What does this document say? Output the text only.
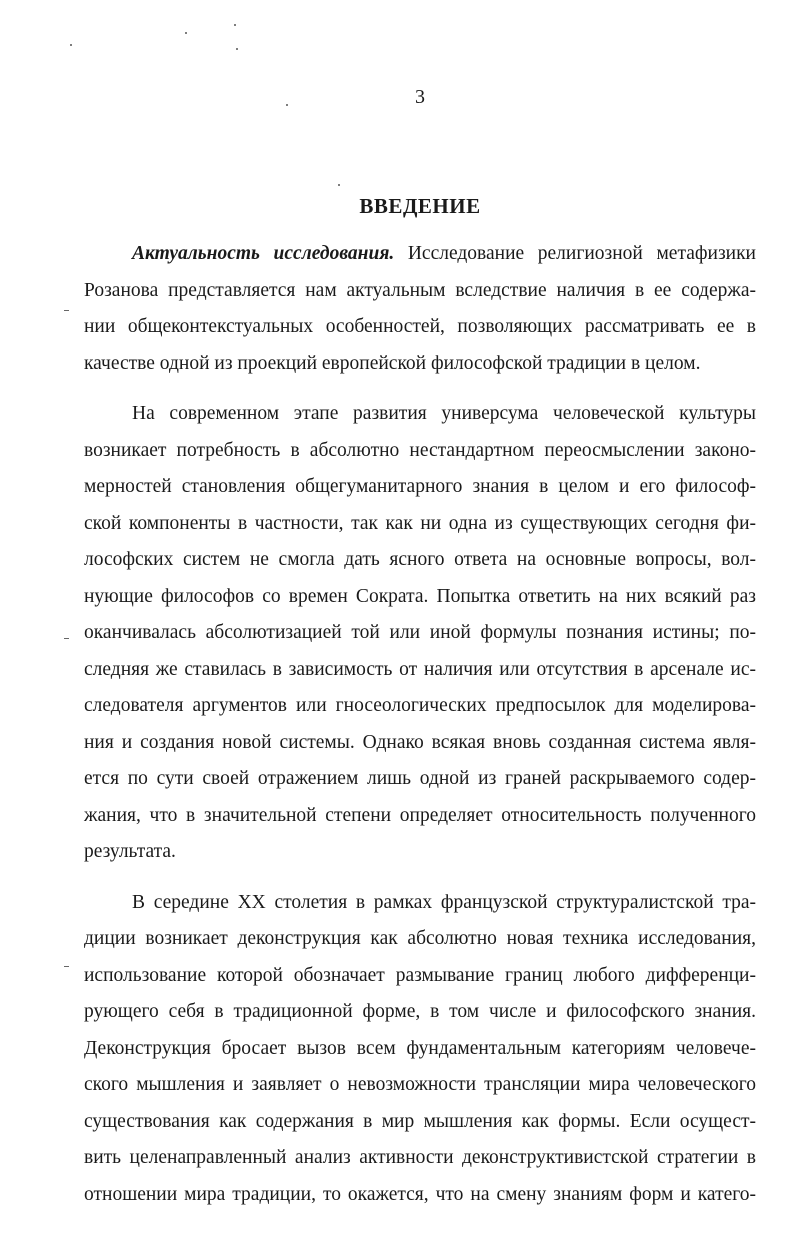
3
ВВЕДЕНИЕ
Актуальность исследования. Исследование религиозной метафизики
Розанова представляется нам актуальным вследствие наличия в ее содержа-
нии общеконтекстуальных особенностей, позволяющих рассматривать ее в
качестве одной из проекций европейской философской традиции в целом.
На современном этапе развития универсума человеческой культуры
возникает потребность в абсолютно нестандартном переосмыслении законо-
мерностей становления общегуманитарного знания в целом и его философ-
ской компоненты в частности, так как ни одна из существующих сегодня фи-
лософских систем не смогла дать ясного ответа на основные вопросы, вол-
нующие философов со времен Сократа. Попытка ответить на них всякий раз
оканчивалась абсолютизацией той или иной формулы познания истины; по-
следняя же ставилась в зависимость от наличия или отсутствия в арсенале ис-
следователя аргументов или гносеологических предпосылок для моделирова-
ния и создания новой системы. Однако всякая вновь созданная система явля-
ется по сути своей отражением лишь одной из граней раскрываемого содер-
жания, что в значительной степени определяет относительность полученного
результата.
В середине XX столетия в рамках французской структуралистской тра-
диции возникает деконструкция как абсолютно новая техника исследования,
использование которой обозначает размывание границ любого дифференци-
рующего себя в традиционной форме, в том числе и философского знания.
Деконструкция бросает вызов всем фундаментальным категориям человече-
ского мышления и заявляет о невозможности трансляции мира человеческого
существования как содержания в мир мышления как формы. Если осущест-
вить целенаправленный анализ активности деконструктивистской стратегии в
отношении мира традиции, то окажется, что на смену знаниям форм и катего-
